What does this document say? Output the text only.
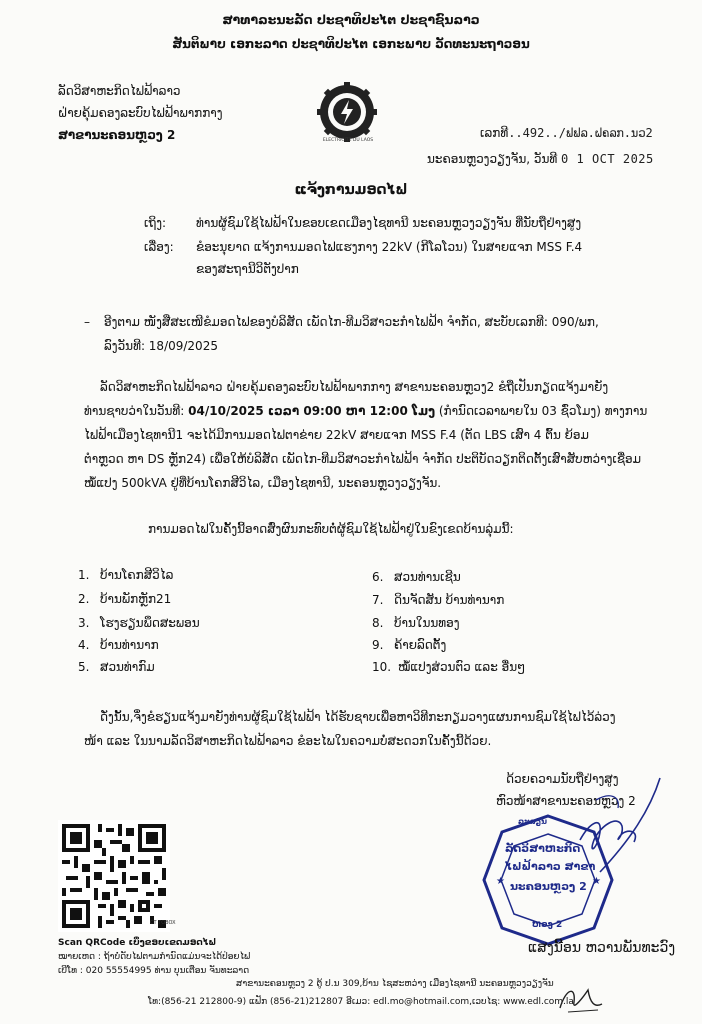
ສາທາລະນະລັດ ປະຊາທິປະໄຕ ປະຊາຊົນລາວ
ສັນຕິພາບ ເອກະລາດ ປະຊາທິປະໄຕ ເອກະພາບ ວັດທະນະຖາວອນ
ລັດວິສາຫະກິດໄຟຟ້າລາວ
ຝ່າຍຄຸ້ມຄອງລະບົບໄຟຟ້າພາກກາງ
ສາຂານະຄອນຫຼວງ 2	ELECTRICITE DU LAOS
ເລກທີ..492../ຟຟລ.ຝຄລກ.ນວ2
ນະຄອນຫຼວງວຽງຈັນ, ວັນທີ 0 1 OCT 2025
ແຈ້ງການມອດໄຟ
ເຖິງ: ທ່ານຜູ້ຊົມໃຊ້ໄຟຟ້າໃນຂອບເຂດເມືອງໄຊທານີ ນະຄອນຫຼວງວຽງຈັນ ທີ່ນັບຖືຢ່າງສູງ
ເລື່ອງ: ຂໍອະນຸຍາດ ແຈ້ງການມອດໄຟແຮງກາງ 22kV (ກີໂລໂວນ) ໃນສາຍແຈກ MSS F.4
ຂອງສະຖານີວິຕັງປາກ
– ອີງຕາມ ໜັງສືສະເໜີຂໍມອດໄຟຂອງບໍລິສັດ ເພັດໄກ-ທີມວິສາວະກໍາໄຟຟ້າ ຈໍາກັດ, ສະບັບເລກທີ: 090/ພກ,
ລົງວັນທີ: 18/09/2025
ລັດວິສາຫະກິດໄຟຟ້າລາວ ຝ່າຍຄຸ້ມຄອງລະບົບໄຟຟ້າພາກກາງ ສາຂານະຄອນຫຼວງ2 ຂໍຖືເປັນກຽດແຈ້ງມາຍັງ
ທ່ານຊາບວ່າໃນວັນທີ: 04/10/2025 ເວລາ 09:00 ຫາ 12:00 ໂມງ (ກໍານົດເວລາພາຍໃນ 03 ຊົ່ວໂມງ) ທາງການ
ໄຟຟ້າເມືອງໄຊທານີ1 ຈະໄດ້ມີການມອດໄຟຕາຂ່າຍ 22kV ສາຍແຈກ MSS F.4 (ຕັດ LBS ເສົາ 4 ຕົ້ນ ຍ້ອມ
ຕໍາຫຼວດ ຫາ DS ຫຼັກ24) ເພື່ອໃຫ້ບໍລິສັດ ເພັດໄກ-ທີມວິສາວະກໍາໄຟຟ້າ ຈໍາກັດ ປະຕິບັດວຽກຕິດຕັ້ງເສົາສັບຫວ່າງເຊື່ອມ
ໝໍ້ແປງ 500kVA ຢູ່ທີ່ບ້ານໂຄກສີວິໄລ, ເມືອງໄຊທານີ, ນະຄອນຫຼວງວຽງຈັນ.
ການມອດໄຟໃນຄັ້ງນີ້ອາດສົ່ງຜົນກະທົບຕໍ່ຜູ້ຊົມໃຊ້ໄຟຟ້າຢູ່ໃນຂົງເຂດບ້ານລຸ່ມນີ້:
1. ບ້ານໂຄກສີວິໄລ
2. ບ້ານພັກຫຼັກ21
3. ໂຮງຮຽນພຶດສະພອນ
4. ບ້ານທ່ານາກ
5. ສວນທ່າກົມ
6. ສວນທ່ານເຊີນ
7. ດິນຈັດສັນ ບ້ານທ່ານາກ
8. ບ້ານໃນນທອງ
9. ຄ້າຍລົດຕັ້ງ
10. ໝໍ້ແປງສ່ວນຕົວ ແລະ ອື່ນໆ
ດັ່ງນັ້ນ,ຈຶ່ງຂໍຮຽນແຈ້ງມາຍັງທ່ານຜູ້ຊົມໃຊ້ໄຟຟ້າ ໄດ້ຮັບຊາບເພື່ອຫາວິທີກະກຽມວາງແຜນການຊົມໃຊ້ໄຟໄວ້ລ່ວງ
ໜ້າ ແລະ ໃນນາມລັດວິສາຫະກິດໄຟຟ້າລາວ ຂໍອະໄພໃນຄວາມບໍ່ສະດວກໃນຄັ້ງນີ້ດ້ວຍ.
ດ້ວຍຄວາມນັບຖືຢ່າງສູງ
ຫົວໜ້າສາຂານະຄອນຫຼວງ 2
★	★
ລະລຽນ
ລັດວິສາຫະກິດ
ໄຟຟ້າລາວ ສາຂາ
ນະຄອນຫຼວງ 2
ຫວງ 2
ແສງນີ້ອນ ຫວານພັນທະວົງ
CT TOBOX
Scan QRCode ເບິ່ງຂອບເຂດມອດໄຟ
ໝາຍເຫດ : ຖ້າບໍ່ດັບໄຟຕາມກຳນົດແມ່ນຈະໄດ້ປ່ອຍໄຟ
ເບີໂທ : 020 55554995 ທ່ານ ບຸນເຕືອນ ຈັນທະລາດ
ສາຂານະຄອນຫຼວງ 2 ຕູ້ ປ.ນ 309,ບ້ານ ໄຊສະຫວ່າງ ເມືອງໄຊທານີ ນະຄອນຫຼວງວຽງຈັນ
ໂທ:(856-21 212800-9) ແຟັກ (856-21)212807 ອີເມວ: edl.mo@hotmail.com,ເວບໄຊ: www.edl.com.la
